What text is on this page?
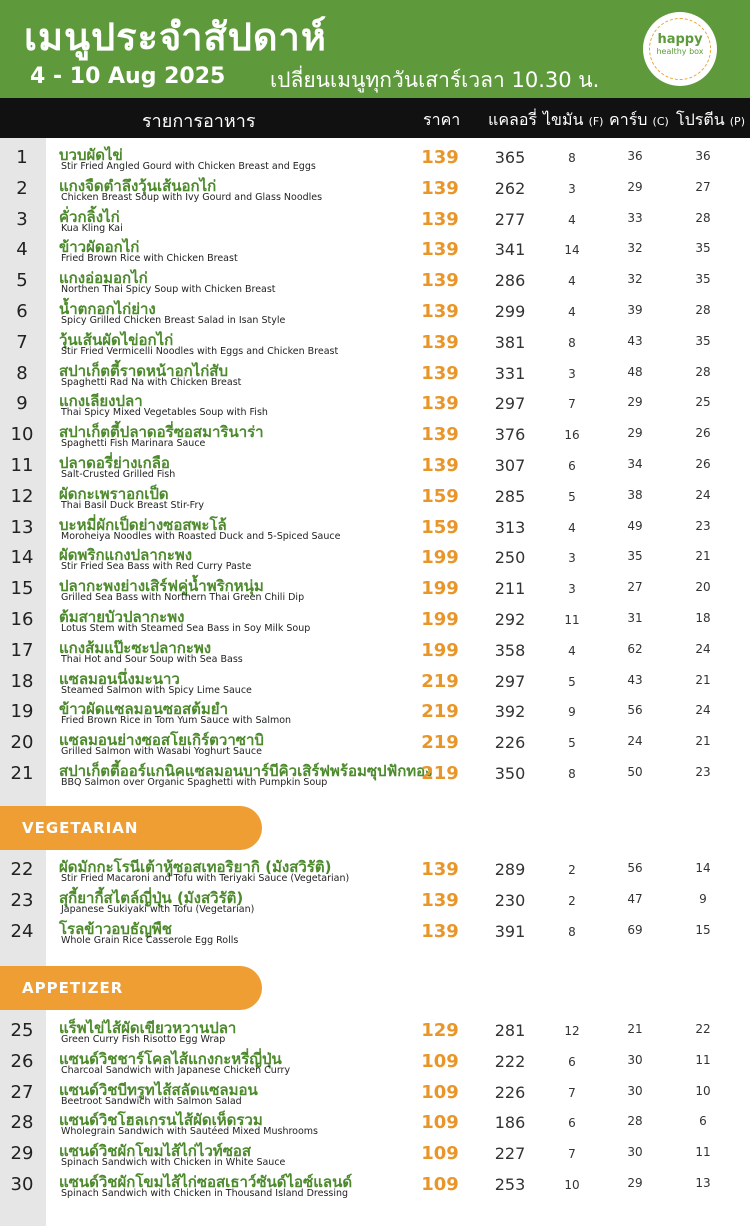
เมนูประจำสัปดาห์
4 - 10 Aug 2025 เปลี่ยนเมนูทุกวันเสาร์เวลา 10.30 น.
happy
healthy box
รายการอาหาร	ราคา แคลอรี่ ไขมัน (F) คาร์บ (C) โปรตีน (P)
1	บวบผัดไข่
Stir Fried Angled Gourd with Chicken Breast and Eggs	139	365	8	36	36
2	แกงจืดตำลึงวุ้นเส้นอกไก่
Chicken Breast Soup with Ivy Gourd and Glass Noodles	139	262	3	29	27
3	คั่วกลิ้งไก่
Kua Kling Kai	139	277	4	33	28
4	ข้าวผัดอกไก่
Fried Brown Rice with Chicken Breast	139	341	14	32	35
5	แกงอ่อมอกไก่
Northen Thai Spicy Soup with Chicken Breast	139	286	4	32	35
6	น้ำตกอกไก่ย่าง
Spicy Grilled Chicken Breast Salad in Isan Style	139	299	4	39	28
7	วุ้นเส้นผัดไข่อกไก่
Stir Fried Vermicelli Noodles with Eggs and Chicken Breast	139	381	8	43	35
8	สปาเก็ตตี้ราดหน้าอกไก่สับ
Spaghetti Rad Na with Chicken Breast	139	331	3	48	28
9	แกงเลียงปลา
Thai Spicy Mixed Vegetables Soup with Fish	139	297	7	29	25
10	สปาเก็ตตี้ปลาดอรี่ซอสมารินาร่า
Spaghetti Fish Marinara Sauce	139	376	16	29	26
11	ปลาดอรี่ย่างเกลือ
Salt-Crusted Grilled Fish	139	307	6	34	26
12	ผัดกะเพราอกเป็ด
Thai Basil Duck Breast Stir-Fry	159	285	5	38	24
13	บะหมี่ผักเป็ดย่างซอสพะโล้
Moroheiya Noodles with Roasted Duck and 5-Spiced Sauce	159	313	4	49	23
14	ผัดพริกแกงปลากะพง
Stir Fried Sea Bass with Red Curry Paste	199	250	3	35	21
15	ปลากะพงย่างเสิร์ฟคู่น้ำพริกหนุ่ม
Grilled Sea Bass with Northern Thai Green Chili Dip	199	211	3	27	20
16	ต้มสายบัวปลากะพง
Lotus Stem with Steamed Sea Bass in Soy Milk Soup	199	292	11	31	18
17	แกงส้มแป๊ะซะปลากะพง
Thai Hot and Sour Soup with Sea Bass	199	358	4	62	24
18	แซลมอนนึ่งมะนาว
Steamed Salmon with Spicy Lime Sauce	219	297	5	43	21
19	ข้าวผัดแซลมอนซอสต้มยำ
Fried Brown Rice in Tom Yum Sauce with Salmon	219	392	9	56	24
20	แซลมอนย่างซอสโยเกิร์ตวาซาบิ
Grilled Salmon with Wasabi Yoghurt Sauce	219	226	5	24	21
21	สปาเก็ตตี้ออร์แกนิคแซลมอนบาร์บีคิวเสิร์ฟพร้อมซุปฟักทอง
BBQ Salmon over Organic Spaghetti with Pumpkin Soup	219	350	8	50	23
VEGETARIAN
22	ผัดมักกะโรนีเต้าหู้ซอสเทอริยากิ (มังสวิรัติ)
Stir Fried Macaroni and Tofu with Teriyaki Sauce (Vegetarian)	139	289	2	56	14
23	สุกี้ยากี้สไตล์ญี่ปุ่น (มังสวิรัติ)
Japanese Sukiyaki with Tofu (Vegetarian)	139	230	2	47	9
24	โรลข้าวอบธัญพืช
Whole Grain Rice Casserole Egg Rolls	139	391	8	69	15
APPETIZER
25	แร็พไข่ไส้ผัดเขียวหวานปลา
Green Curry Fish Risotto Egg Wrap	129	281	12	21	22
26	แซนด์วิชชาร์โคลไส้แกงกะหรี่ญี่ปุ่น
Charcoal Sandwich with Japanese Chicken Curry	109	222	6	30	11
27	แซนด์วิชบีทรูทไส้สลัดแซลมอน
Beetroot Sandwich with Salmon Salad	109	226	7	30	10
28	แซนด์วิชโฮลเกรนไส้ผัดเห็ดรวม
Wholegrain Sandwich with Sautéed Mixed Mushrooms	109	186	6	28	6
29	แซนด์วิชผักโขมไส้ไก่ไวท์ซอส
Spinach Sandwich with Chicken in White Sauce	109	227	7	30	11
30	แซนด์วิชผักโขมไส้ไก่ซอสเธาว์ซันด์ไอซ์แลนด์
Spinach Sandwich with Chicken in Thousand Island Dressing	109	253	10	29	13
